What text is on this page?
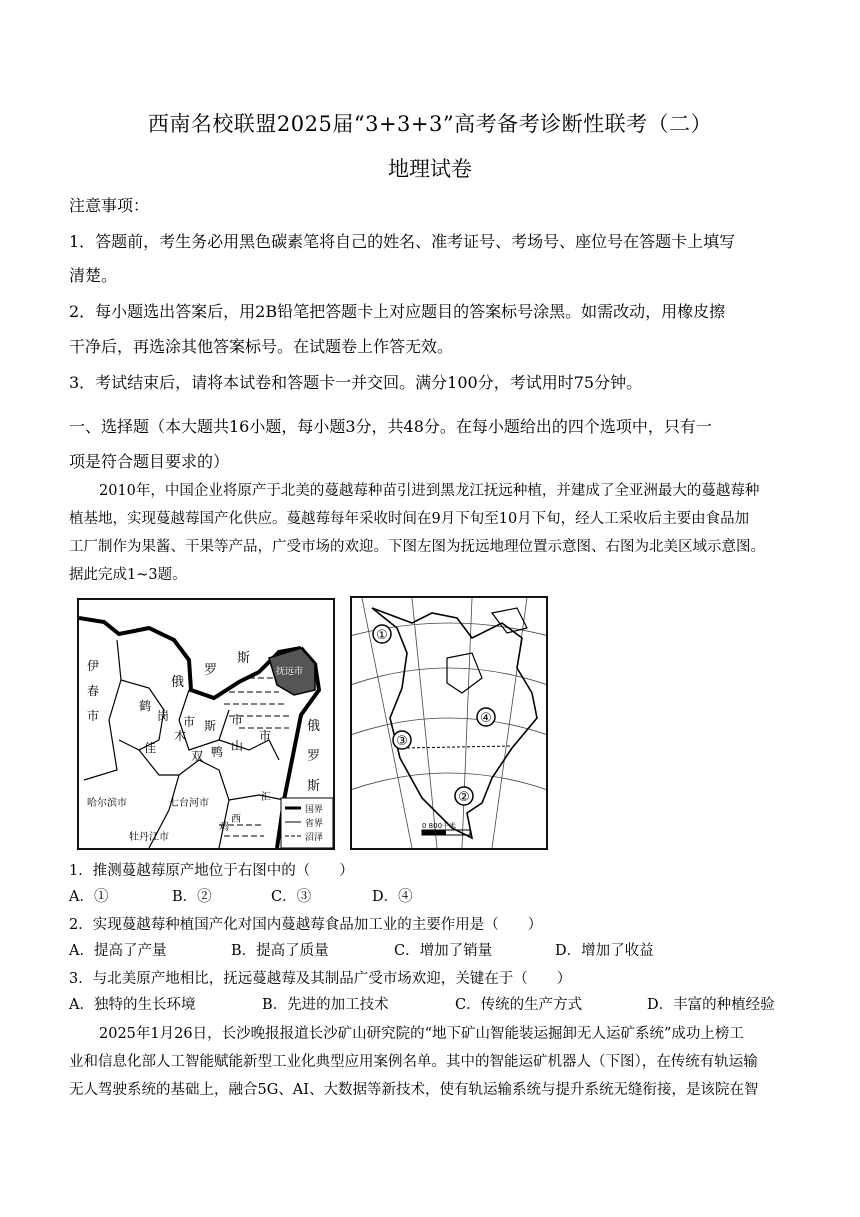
西南名校联盟2025届“3+3+3”高考备考诊断性联考（二）
地理试卷
注意事项：
1．答题前，考生务必用黑色碳素笔将自己的姓名、准考证号、考场号、座位号在答题卡上填写
清楚。
2．每小题选出答案后，用2B铅笔把答题卡上对应题目的答案标号涂黑。如需改动，用橡皮擦
干净后，再选涂其他答案标号。在试题卷上作答无效。
3．考试结束后，请将本试卷和答题卡一并交回。满分100分，考试用时75分钟。
一、选择题（本大题共16小题，每小题3分，共48分。在每小题给出的四个选项中，只有一
项是符合题目要求的）
2010年，中国企业将原产于北美的蔓越莓种苗引进到黑龙江抚远种植，并建成了全亚洲最大的蔓越莓种
植基地，实现蔓越莓国产化供应。蔓越莓每年采收时间在9月下旬至10月下旬，经人工采收后主要由食品加
工厂制作为果酱、干果等产品，广受市场的欢迎。下图左图为抚远地理位置示意图、右图为北美区域示意图。
据此完成1~3题。
俄
罗
斯
俄
罗
斯
伊
春
市
鹤
岗 市
佳
木
斯 市
双 鸭 山
市
哈尔滨市	七台河市
牡丹江市
鸡
西
汇
抚远市
国界
省界
沼泽
①
②
③
④
0 800千米
1．推测蔓越莓原产地位于右图中的（　　）
A．①	B．②	C．③	D．④
2．实现蔓越莓种植国产化对国内蔓越莓食品加工业的主要作用是（　　）
A．提高了产量	B．提高了质量	C．增加了销量	D．增加了收益
3．与北美原产地相比，抚远蔓越莓及其制品广受市场欢迎，关键在于（　　）
A．独特的生长环境	B．先进的加工技术	C．传统的生产方式	D．丰富的种植经验
2025年1月26日，长沙晚报报道长沙矿山研究院的“地下矿山智能装运掘卸无人运矿系统”成功上榜工
业和信息化部人工智能赋能新型工业化典型应用案例名单。其中的智能运矿机器人（下图），在传统有轨运输
无人驾驶系统的基础上，融合5G、AI、大数据等新技术，使有轨运输系统与提升系统无缝衔接，是该院在智
